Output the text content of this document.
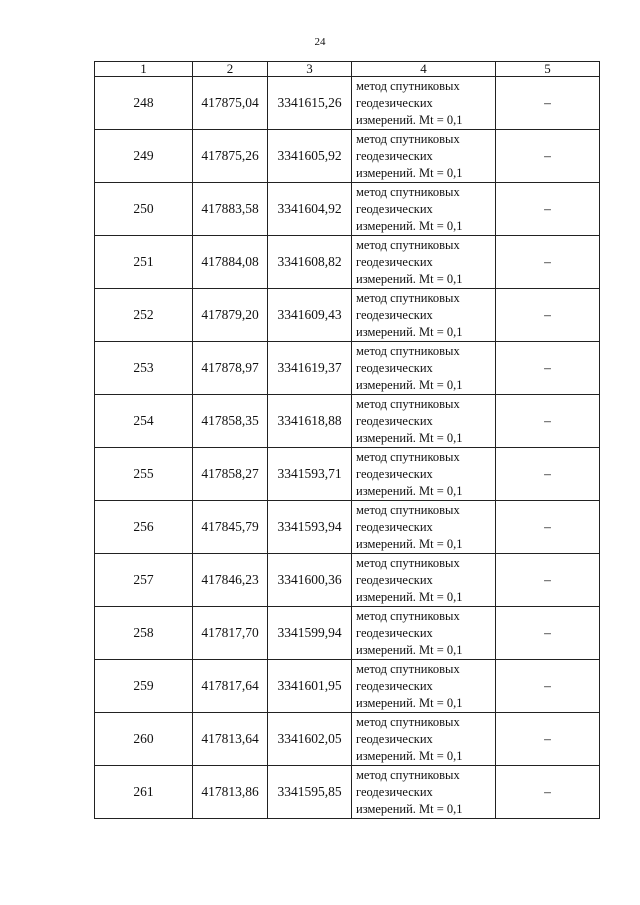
24
1	2	3	4	5
248	417875,04	3341615,26	метод спутниковых
геодезических
измерений. Mt = 0,1	–
249	417875,26	3341605,92	метод спутниковых
геодезических
измерений. Mt = 0,1	–
250	417883,58	3341604,92	метод спутниковых
геодезических
измерений. Mt = 0,1	–
251	417884,08	3341608,82	метод спутниковых
геодезических
измерений. Mt = 0,1	–
252	417879,20	3341609,43	метод спутниковых
геодезических
измерений. Mt = 0,1	–
253	417878,97	3341619,37	метод спутниковых
геодезических
измерений. Mt = 0,1	–
254	417858,35	3341618,88	метод спутниковых
геодезических
измерений. Mt = 0,1	–
255	417858,27	3341593,71	метод спутниковых
геодезических
измерений. Mt = 0,1	–
256	417845,79	3341593,94	метод спутниковых
геодезических
измерений. Mt = 0,1	–
257	417846,23	3341600,36	метод спутниковых
геодезических
измерений. Mt = 0,1	–
258	417817,70	3341599,94	метод спутниковых
геодезических
измерений. Mt = 0,1	–
259	417817,64	3341601,95	метод спутниковых
геодезических
измерений. Mt = 0,1	–
260	417813,64	3341602,05	метод спутниковых
геодезических
измерений. Mt = 0,1	–
261	417813,86	3341595,85	метод спутниковых
геодезических
измерений. Mt = 0,1	–
